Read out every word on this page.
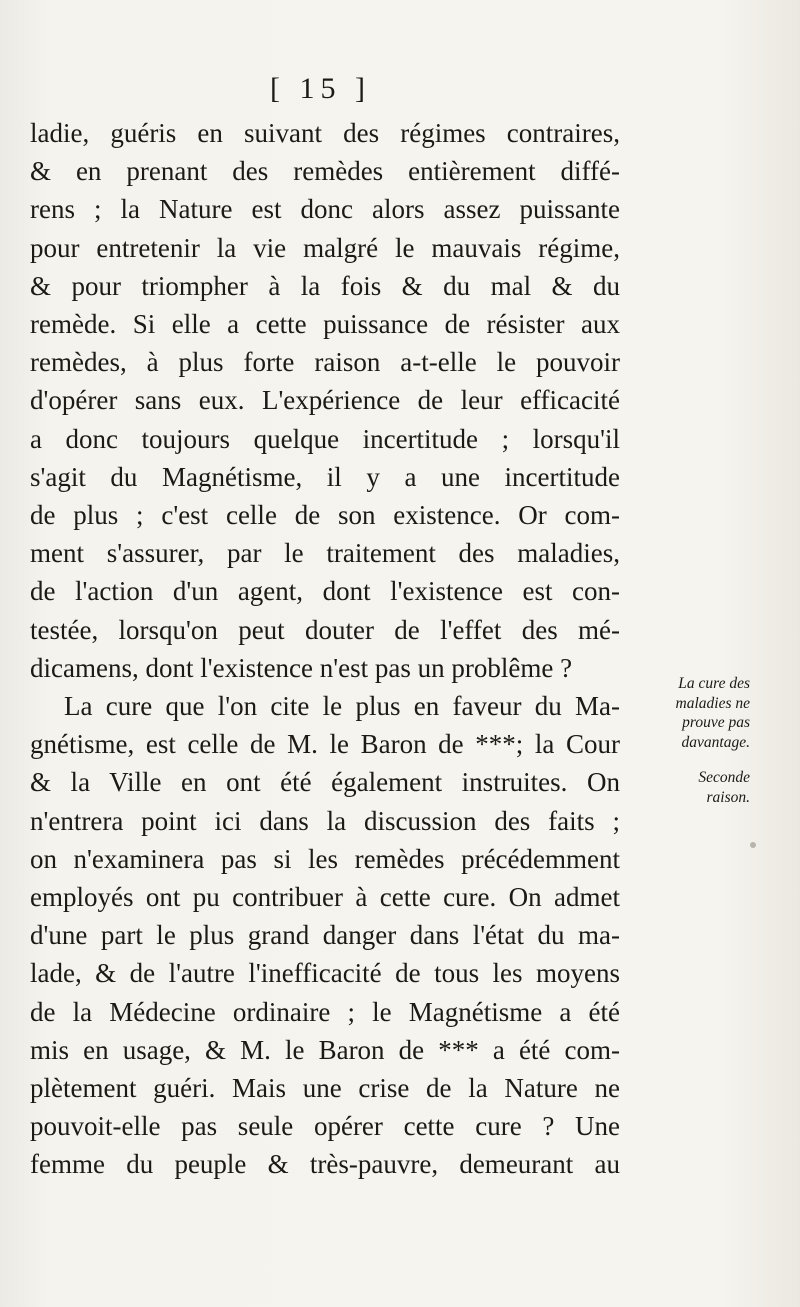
[ 15 ]
ladie, guéris en suivant des régimes contraires,
& en prenant des remèdes entièrement diffé-
rens ; la Nature est donc alors assez puissante
pour entretenir la vie malgré le mauvais régime,
& pour triompher à la fois & du mal & du
remède. Si elle a cette puissance de résister aux
remèdes, à plus forte raison a-t-elle le pouvoir
d'opérer sans eux. L'expérience de leur efficacité
a donc toujours quelque incertitude ; lorsqu'il
s'agit du Magnétisme, il y a une incertitude
de plus ; c'est celle de son existence. Or com-
ment s'assurer, par le traitement des maladies,
de l'action d'un agent, dont l'existence est con-
testée, lorsqu'on peut douter de l'effet des mé-
dicamens, dont l'existence n'est pas un problême ?
La cure que l'on cite le plus en faveur du Ma-
gnétisme, est celle de M. le Baron de ***; la Cour
& la Ville en ont été également instruites. On
n'entrera point ici dans la discussion des faits ;
on n'examinera pas si les remèdes précédemment
employés ont pu contribuer à cette cure. On admet
d'une part le plus grand danger dans l'état du ma-
lade, & de l'autre l'inefficacité de tous les moyens
de la Médecine ordinaire ; le Magnétisme a été
mis en usage, & M. le Baron de *** a été com-
plètement guéri. Mais une crise de la Nature ne
pouvoit-elle pas seule opérer cette cure ? Une
femme du peuple & très-pauvre, demeurant au
La cure des
maladies ne
prouve pas
davantage.
Seconde
raison.
